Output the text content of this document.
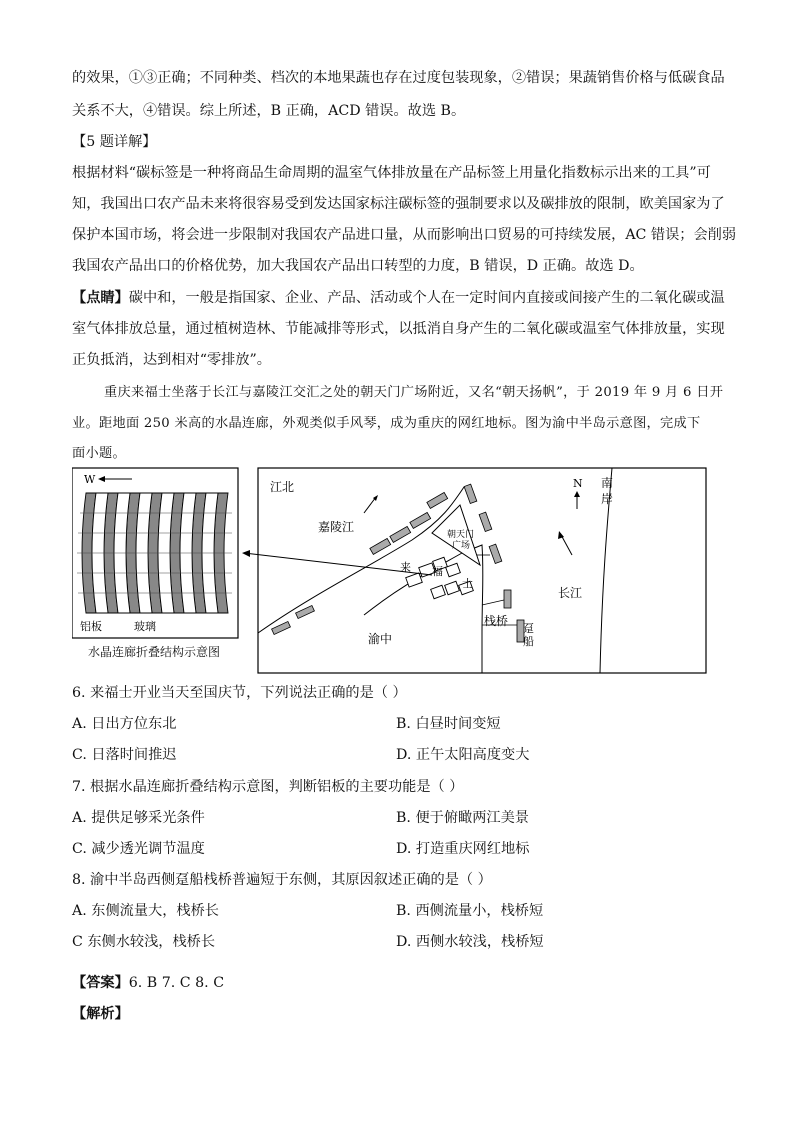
的效果，①③正确；不同种类、档次的本地果蔬也存在过度包装现象，②错误；果蔬销售价格与低碳食品
关系不大，④错误。综上所述，B 正确，ACD 错误。故选 B。
【5 题详解】
根据材料“碳标签是一种将商品生命周期的温室气体排放量在产品标签上用量化指数标示出来的工具”可
知，我国出口农产品未来将很容易受到发达国家标注碳标签的强制要求以及碳排放的限制，欧美国家为了
保护本国市场，将会进一步限制对我国农产品进口量，从而影响出口贸易的可持续发展，AC 错误；会削弱
我国农产品出口的价格优势，加大我国农产品出口转型的力度，B 错误，D 正确。故选 D。
【点睛】碳中和，一般是指国家、企业、产品、活动或个人在一定时间内直接或间接产生的二氧化碳或温
室气体排放总量，通过植树造林、节能减排等形式，以抵消自身产生的二氧化碳或温室气体排放量，实现
正负抵消，达到相对“零排放”。
重庆来福士坐落于长江与嘉陵江交汇之处的朝天门广场附近，又名“朝天扬帆”，于 2019 年 9 月 6 日开
业。距地面 250 米高的水晶连廊，外观类似手风琴，成为重庆的网红地标。图为渝中半岛示意图，完成下
面小题。
W
铝板	玻璃
朝天门
广场
来 福
士
N
江北
嘉陵江
南
岸
长江
渝中
栈桥
趸
船
水晶连廊折叠结构示意图
6. 来福士开业当天至国庆节，下列说法正确的是（ ）
A. 日出方位东北	B. 白昼时间变短
C. 日落时间推迟	D. 正午太阳高度变大
7. 根据水晶连廊折叠结构示意图，判断铝板的主要功能是（ ）
A. 提供足够采光条件	B. 便于俯瞰两江美景
C. 减少透光调节温度	D. 打造重庆网红地标
8. 渝中半岛西侧趸船栈桥普遍短于东侧，其原因叙述正确的是（ ）
A. 东侧流量大，栈桥长	B. 西侧流量小，栈桥短
C 东侧水较浅，栈桥长	D. 西侧水较浅，栈桥短
【答案】6. B 7. C 8. C
【解析】
